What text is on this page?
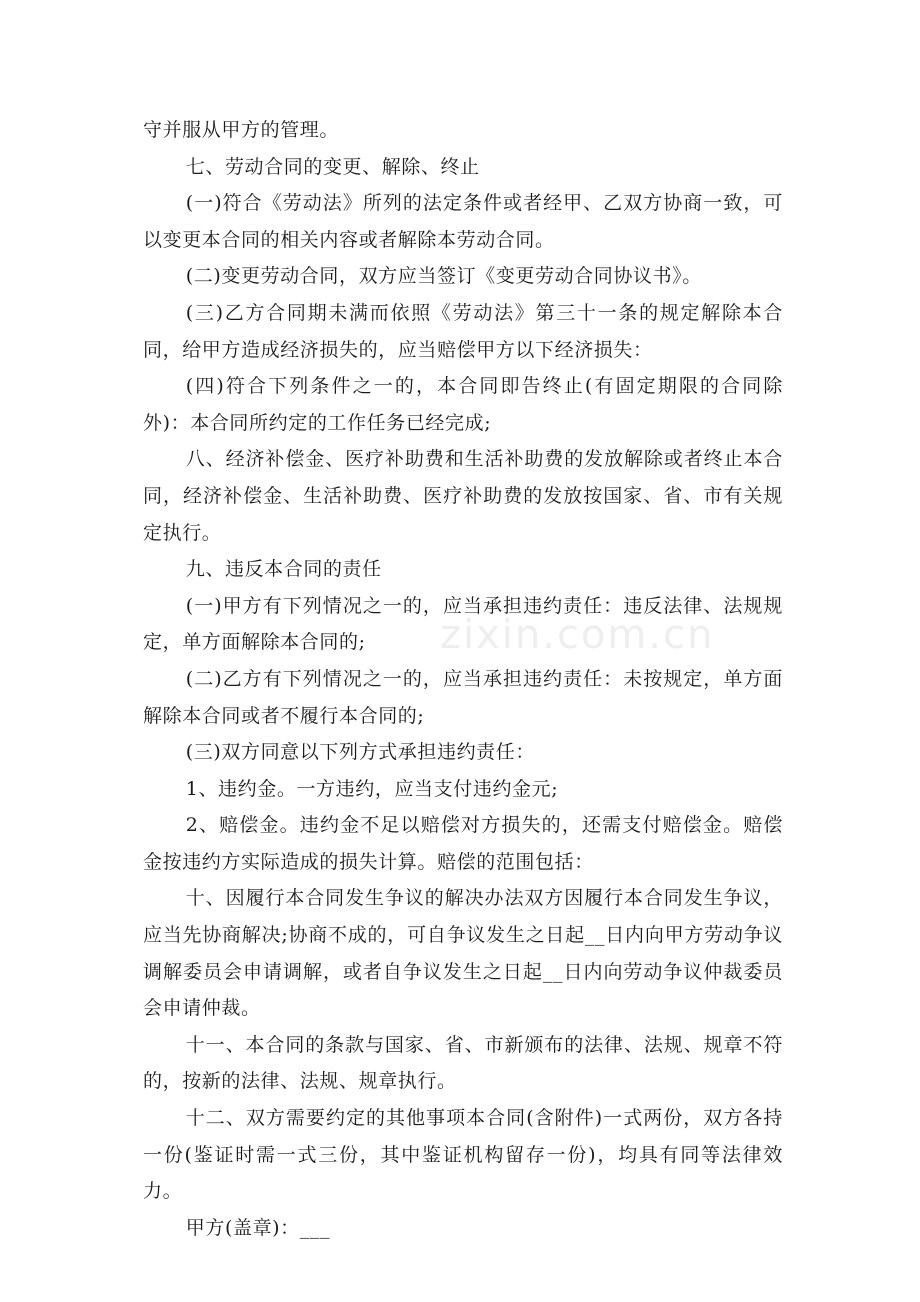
守并服从甲方的管理。

七、劳动合同的变更、解除、终止

(一)符合《劳动法》所列的法定条件或者经甲、乙双方协商一致，可以变更本合同的相关内容或者解除本劳动合同。

(二)变更劳动合同，双方应当签订《变更劳动合同协议书》。

(三)乙方合同期未满而依照《劳动法》第三十一条的规定解除本合同，给甲方造成经济损失的，应当赔偿甲方以下经济损失：

(四)符合下列条件之一的，本合同即告终止(有固定期限的合同除外)：本合同所约定的工作任务已经完成;

八、经济补偿金、医疗补助费和生活补助费的发放解除或者终止本合同，经济补偿金、生活补助费、医疗补助费的发放按国家、省、市有关规定执行。

九、违反本合同的责任

(一)甲方有下列情况之一的，应当承担违约责任：违反法律、法规规定，单方面解除本合同的;

(二)乙方有下列情况之一的，应当承担违约责任：未按规定，单方面解除本合同或者不履行本合同的;

(三)双方同意以下列方式承担违约责任：

1、违约金。一方违约，应当支付违约金元;

2、赔偿金。违约金不足以赔偿对方损失的，还需支付赔偿金。赔偿金按违约方实际造成的损失计算。赔偿的范围包括：

十、因履行本合同发生争议的解决办法双方因履行本合同发生争议，应当先协商解决;协商不成的，可自争议发生之日起__日内向甲方劳动争议调解委员会申请调解，或者自争议发生之日起__日内向劳动争议仲裁委员会申请仲裁。

十一、本合同的条款与国家、省、市新颁布的法律、法规、规章不符的，按新的法律、法规、规章执行。

十二、双方需要约定的其他事项本合同(含附件)一式两份，双方各持一份(鉴证时需一式三份，其中鉴证机构留存一份)，均具有同等法律效力。

甲方(盖章)：___

zixin.com.cn
